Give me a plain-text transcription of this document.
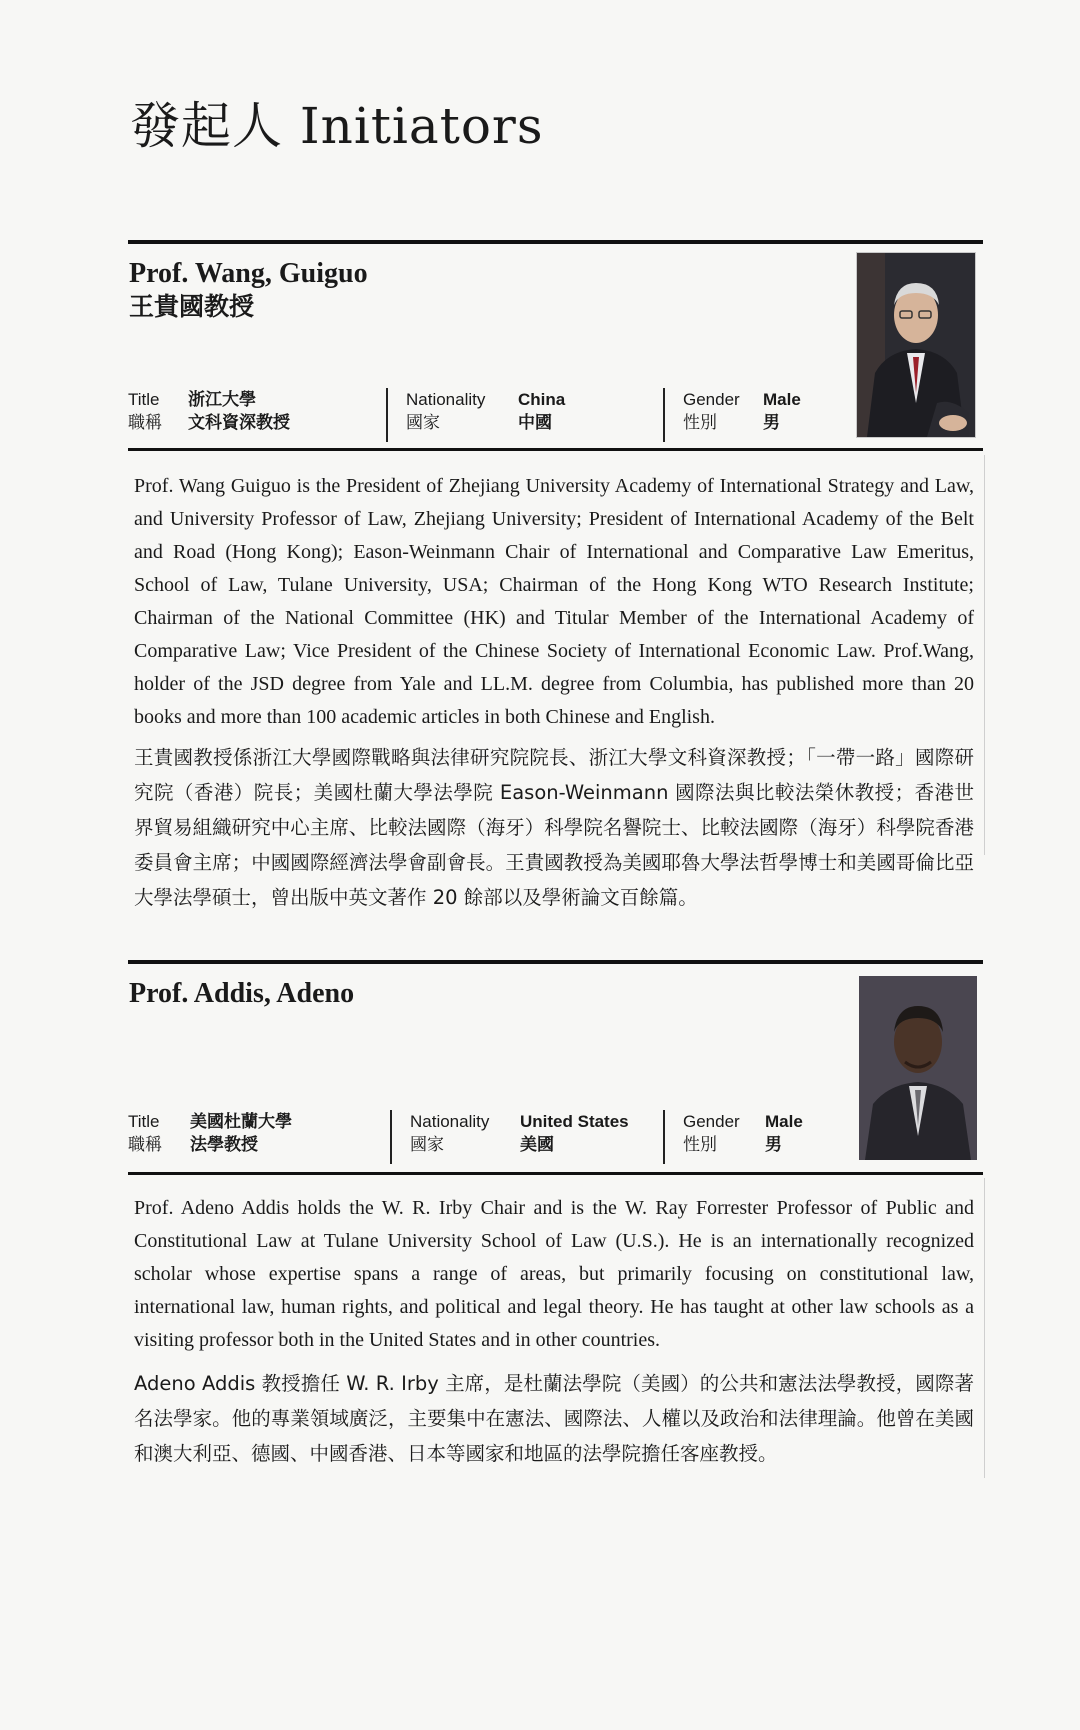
發起人 Initiators
Prof. Wang, Guiguo
王貴國教授
Title
職稱
浙江大學
文科資深教授
Nationality
國家
China
中國
Gender
性別
Male
男

Prof. Wang Guiguo is the President of Zhejiang University Academy of International Strategy and Law, and University Professor of Law, Zhejiang University; President of International Academy of the Belt and Road (Hong Kong); Eason-Weinmann Chair of International and Comparative Law Emeritus, School of Law, Tulane University, USA; Chairman of the Hong Kong WTO Research Institute; Chairman of the National Committee (HK) and Titular Member of the International Academy of Comparative Law; Vice President of the Chinese Society of International Economic Law. Prof.Wang, holder of the JSD degree from Yale and LL.M. degree from Columbia, has published more than 20 books and more than 100 academic articles in both Chinese and English.

王貴國教授係浙江大學國際戰略與法律研究院院長、浙江大學文科資深教授；「一帶一路」國際研究院（香港）院長；美國杜蘭大學法學院 Eason-Weinmann 國際法與比較法榮休教授；香港世界貿易組織研究中心主席、比較法國際（海牙）科學院名譽院士、比較法國際（海牙）科學院香港委員會主席；中國國際經濟法學會副會長。王貴國教授為美國耶魯大學法哲學博士和美國哥倫比亞大學法學碩士，曾出版中英文著作 20 餘部以及學術論文百餘篇。

Prof. Addis, Adeno
Title
職稱
美國杜蘭大學
法學教授
Nationality
國家
United States
美國
Gender
性別
Male
男

Prof. Adeno Addis holds the W. R. Irby Chair and is the W. Ray Forrester Professor of Public and Constitutional Law at Tulane University School of Law (U.S.). He is an internationally recognized scholar whose expertise spans a range of areas, but primarily focusing on constitutional law, international law, human rights, and political and legal theory. He has taught at other law schools as a visiting professor both in the United States and in other countries.

Adeno Addis 教授擔任 W. R. Irby 主席，是杜蘭法學院（美國）的公共和憲法法學教授，國際著名法學家。他的專業領域廣泛，主要集中在憲法、國際法、人權以及政治和法律理論。他曾在美國和澳大利亞、德國、中國香港、日本等國家和地區的法學院擔任客座教授。
